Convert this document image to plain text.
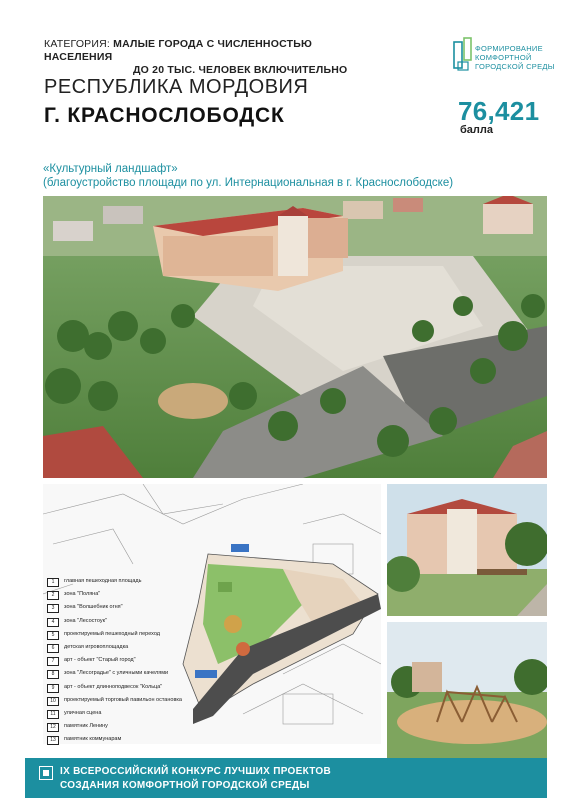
КАТЕГОРИЯ: МАЛЫЕ ГОРОДА С ЧИСЛЕННОСТЬЮ НАСЕЛЕНИЯ
ДО 20 ТЫС. ЧЕЛОВЕК ВКЛЮЧИТЕЛЬНО
ФОРМИРОВАНИЕ
КОМФОРТНОЙ
ГОРОДСКОЙ СРЕДЫ
РЕСПУБЛИКА МОРДОВИЯ
Г. КРАСНОСЛОБОДСК	76,421
балла
«Культурный ландшафт»
(благоустройство площади по ул. Интернациональная в г. Краснослободске)
1	главная пешеходная площадь
2	зона "Поляна"
3	зона "Волшебник огня"
4	зона "Лесостоук"
5	проектируемый пешеходный переход
6	детская игровоплощадка
7	арт - объект "Старый город"
8	зона "Лесоградье" с уличными качелями
9	арт - объект длинноподвесок "Кольца"
10	проектируемый торговый павильон остановка
11	уличная сцена
12	памятник Ленину
13	памятник коммунарам
IX ВСЕРОССИЙСКИЙ КОНКУРС ЛУЧШИХ ПРОЕКТОВ
СОЗДАНИЯ КОМФОРТНОЙ ГОРОДСКОЙ СРЕДЫ
